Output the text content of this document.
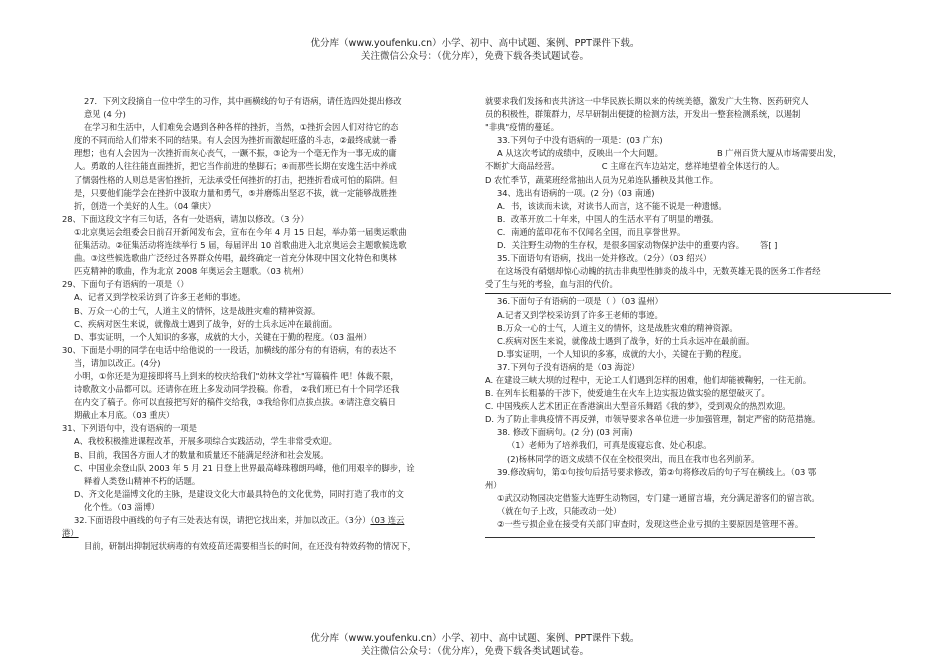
优分库（www.youfenku.cn）小学、初中、高中试题、案例、PPT课件下载。
关注微信公众号：（优分库），免费下载各类试题试卷。

27．下列文段摘自一位中学生的习作，其中画横线的句子有语病，请任选四处提出修改

意见 (4 分)

在学习和生活中，人们难免会遇到各种各样的挫折，当然，①挫折会因人们对待它的态

度的不同而给人们带来不同的结果。有人会因为挫折而激起旺盛的斗志，②最终成就一番

理想；也有人会因为一次挫折而灰心丧气，一蹶不振，③论为一个毫无作为一事无成的庸

人。勇敢的人往往能直面挫折，把它当作前进的垫脚石；④而那些长期在安逸生活中养成

了懦弱性格的人则总是害怕挫折，无法承受任何挫折的打击，把挫折看成可怕的陷阱。但

是，只要他们能学会在挫折中汲取力量和勇气，⑤并磨炼出坚忍不拔，就一定能够战胜挫

折，创造一个美好的人生。（04 肇庆）

28、下面这段文字有三句话，各有一处语病，请加以修改。（3 分）

①北京奥运会组委会日前召开新闻发布会，宣布在今年 4 月 15 日起，举办第一届奥运歌曲

征集活动。②征集活动将连续举行 5 届，每届评出 10 首歌曲进入北京奥运会主题歌候选歌

曲。③这些候选歌曲广泛经过各界群众传唱，最终确定一首充分体现中国文化特色和奥林

匹克精神的歌曲，作为北京 2008 年奥运会主题歌。（03 杭州）

29、下面句子有语病的一项是（）

A、记者又到学校采访到了许多王老师的事迹。

B、万众一心的士气，人道主义的情怀，这是战胜灾难的精神资源。

C、疾病对医生来说，就像战士遇到了战争，好的士兵永远冲在最前面。

D、事实证明，一个人知识的多寡，成就的大小，关键在于勤的程度。（03 温州）

30、下面是小明的同学在电话中给他说的一一段话，加横线的部分有的有语病，有的表达不

当，请加以改正。(4分)

小明，①你还是为迎接即将马上到来的校庆给我们"幼林文学社"写篇稿件 吧！体裁不限，

诗歌散文小品都可以。还请你在班上多发动同学投稿。你看， ②我们班已有十个同学还我

在内交了稿子。你可以直接把写好的稿件交给我，③我给你们点拔点拔。④请注意交稿日

期截止本月底。（03 重庆）

31、下列语句中，没有语病的一项是

A、我校积极推进课程改革，开展多项综合实践活动，学生非常受欢迎。

B、目前，我国各方面人才的数量和质量还不能满足经济和社会发展。

C、中国业余登山队 2003 年 5 月 21 日登上世界最高峰珠穆朗玛峰，他们用艰辛的脚步，诠

释着人类登山精神不朽的话题。

D、齐文化是淄博文化的主脉，是建设文化大市最具特色的文化优势，同时打造了我市的文

化个性。（03 淄博）

32.下面语段中画线的句子有三处表达有误，请把它找出来，并加以改正。（3分）（03 连云

港）

目前，研制出抑制冠状病毒的有效疫苗还需要相当长的时间，在还没有特效药物的情况下，

就要求我们发扬和丧共济这一中华民族长期以来的传统美德，激发广大生物、医药研究人

员的积极性，群策群力，尽早研制出便捷的检测方法，开发出一整套检测系统，以遏制

"非典"疫情的蔓延。

33.下列句子中没有语病的一项是：(03 广东)

A 从这次考试的成绩中，反映出一个大问题。	B 广州百货大厦从市场需要出发，

不断扩大商品经营。	C 主席在汽车边站定，慈祥地望着全体送行的人。

D 农忙季节，蔬菜班经常抽出人员为兄弟连队播秧及其他工作。

34、选出有语病的一项。(2 分)（03 南通)

A．书，该读而未读，对读书人而言，这不能不说是一种遗憾。

B．改革开放二十年来，中国人的生活水平有了明显的增强。

C．南通的蓝印花布不仅闻名全国，而且享誉世界。

D．关注野生动物的生存权，是很多国家动物保护法中的重要内容。 答[ ]

35.下面语句有语病，找出一处并修改。（2分）（03 绍兴）

在这场没有硝烟却惊心动魄的抗击非典型性肺炎的战斗中，无数英雄无畏的医务工作者经

受了生与死的考验，血与泪的代价。

36.下面句子有语病的一项是（ ）（03 温州）

A.记者又到学校采访到了许多王老师的事迹。

B.万众一心的士气，人道主义的情怀，这是战胜灾难的精神资源。

C.疾病对医生来说，就像战士遇到了战争，好的士兵永远冲在最前面。

D.事实证明，一个人知识的多寡，成就的大小，关键在于勤的程度。

37.下列句子没有语病的是（03 海淀）

A. 在建设三峡大坝的过程中，无论工人们遇到怎样的困难，他们却能被鞠躬，一往无前。

B. 在列车长粗暴的干涉下，使爱迪生在火车上边实报边做实验的愿望破灭了。

C. 中国残疾人艺术团正在香港演出大型音乐舞蹈《我的梦》，受到观众的热烈欢迎。

D. 为了防止非典疫情不再反弹，市领导要求各单位进一步加强管理，制定严密的防范措施。

38. 修改下面病句。(2 分) (03 河南)

（1）老师为了培养我们，可真是废寝忘食、处心积虑。

(2)杨林同学的语文成绩不仅在全校很突出，而且在我市也名列前茅。

39.修改病句，第①句按句后括号要求修改，第②句将修改后的句子写在横线上。（03 鄂

州）

①武汉动物园决定借鉴大连野生动物园，专门建一通留言墙，充分满足游客们的留言欲。

（就在句子上改，只能改动一处）

②一些亏损企业在接受有关部门审查时，发现这些企业亏损的主要原因是管理不善。

优分库（www.youfenku.cn）小学、初中、高中试题、案例、PPT课件下载。
关注微信公众号：（优分库），免费下载各类试题试卷。
